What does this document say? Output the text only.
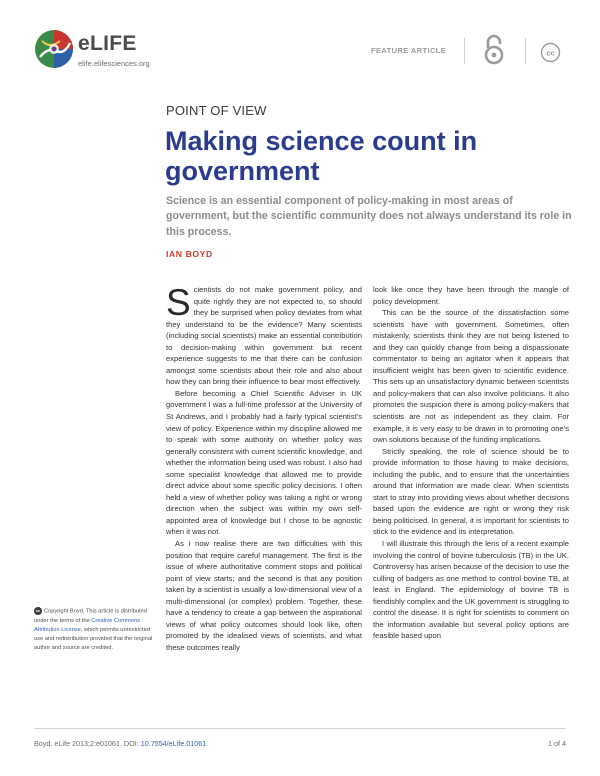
eLIFE
elife.elifesciences.org
FEATURE ARTICLE	cc
POINT OF VIEW
Making science count in government
Science is an essential component of policy-making in most areas of government, but the scientific community does not always understand its role in this process.
IAN BOYD

Scientists do not make government policy, and quite rightly they are not expected to, so should they be surprised when policy deviates from what they understand to be the evidence? Many scientists (including social scientists) make an essential contribution to decision-making within government but recent experience suggests to me that there can be confusion amongst some scientists about their role and also about how they can bring their influence to bear most effectively.

Before becoming a Chief Scientific Adviser in UK government I was a full-time professor at the University of St Andrews, and I probably had a fairly typical scientist’s view of policy. Experience within my discipline allowed me to speak with some authority on whether policy was generally consistent with current scientific knowledge, and whether the information being used was robust. I also had some specialist knowledge that allowed me to provide direct advice about some specific policy decisions. I often held a view of whether policy was taking a right or wrong direction when the subject was within my own self-appointed area of knowledge but I chose to be agnostic when it was not.

As I now realise there are two difficulties with this position that require careful management. The first is the issue of where authoritative comment stops and political point of view starts; and the second is that any position taken by a scientist is usually a low-dimensional view of a multi-dimensional (or complex) problem. Together, these have a tendency to create a gap between the aspirational views of what policy outcomes should look like, often promoted by the idealised views of scientists, and what these outcomes really

look like once they have been through the mangle of policy development.

This can be the source of the dissatisfaction some scientists have with government. Sometimes, often mistakenly, scientists think they are not being listened to and they can quickly change from being a dispassionate commentator to being an agitator when it appears that insufficient weight has been given to scientific evidence. This sets up an unsatisfactory dynamic between scientists and policy-makers that can also involve politicians. It also promotes the suspicion there is among policy-makers that scientists are not as independent as they claim. For example, it is very easy to be drawn in to promoting one’s own solutions because of the funding implications.

Strictly speaking, the role of science should be to provide information to those having to make decisions, including the public, and to ensure that the uncertainties around that information are made clear. When scientists start to stray into providing views about whether decisions based upon the evidence are right or wrong they risk being politicised. In general, it is important for scientists to stick to the evidence and its interpretation.

I will illustrate this through the lens of a recent example involving the control of bovine tuberculosis (TB) in the UK. Controversy has arisen because of the decision to use the culling of badgers as one method to control bovine TB, at least in England. The epidemiology of bovine TB is fiendishly complex and the UK government is struggling to control the disease. It is right for scientists to comment on the information available but several policy options are feasible based upon

cc Copyright Boyd. This article is distributed under the terms of the Creative Commons Attribution License, which permits unrestricted use and redistribution provided that the original author and source are credited.
Boyd. eLife 2013;2:e01061. DOI: 10.7554/eLife.01061	1 of 4
